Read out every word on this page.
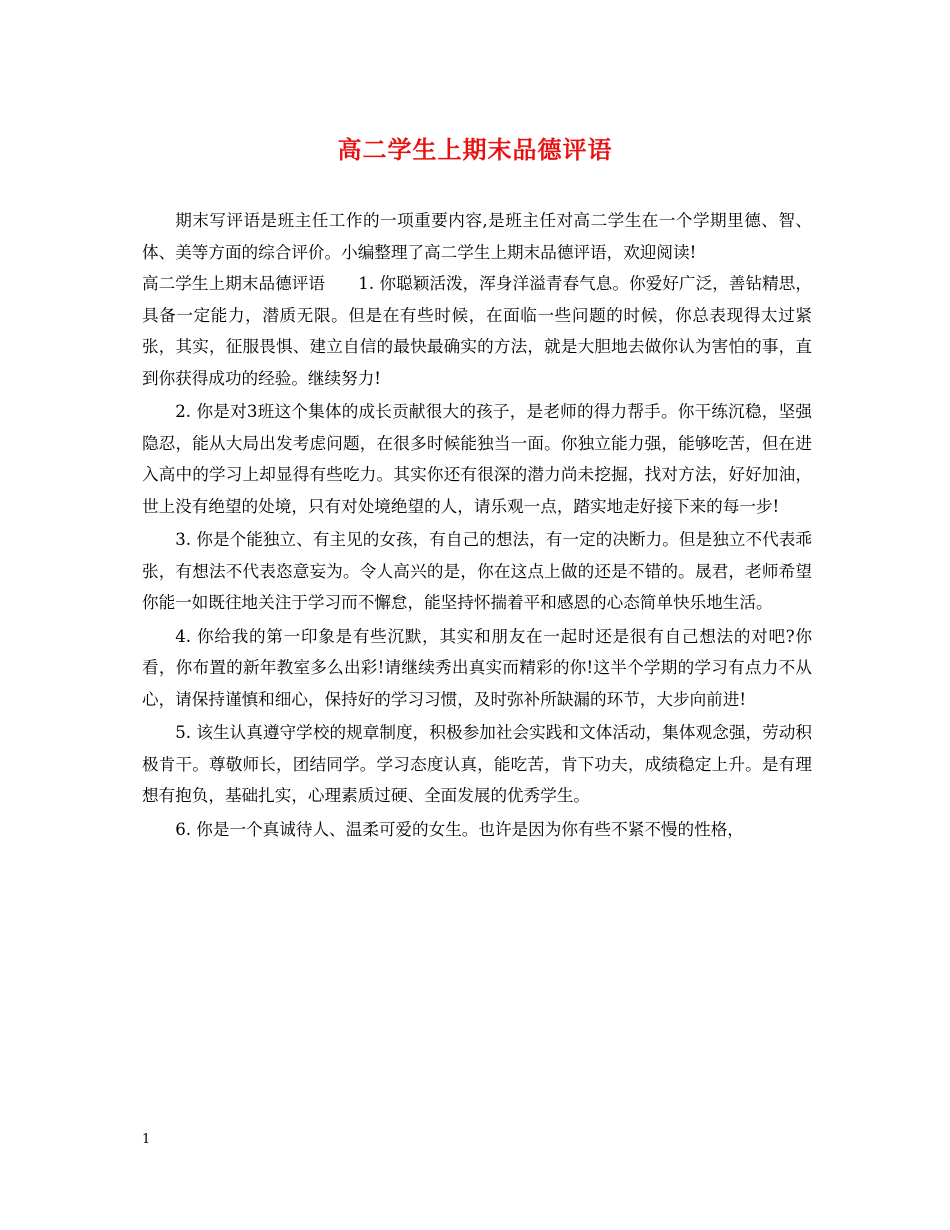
高二学生上期末品德评语

期末写评语是班主任工作的一项重要内容,是班主任对高二学生在一个学期里德、智、体、美等方面的综合评价。小编整理了高二学生上期末品德评语，欢迎阅读!

高二学生上期末品德评语　　1. 你聪颖活泼，浑身洋溢青春气息。你爱好广泛，善钻精思，具备一定能力，潜质无限。但是在有些时候，在面临一些问题的时候，你总表现得太过紧张，其实，征服畏惧、建立自信的最快最确实的方法，就是大胆地去做你认为害怕的事，直到你获得成功的经验。继续努力!

2. 你是对3班这个集体的成长贡献很大的孩子，是老师的得力帮手。你干练沉稳，坚强隐忍，能从大局出发考虑问题，在很多时候能独当一面。你独立能力强，能够吃苦，但在进入高中的学习上却显得有些吃力。其实你还有很深的潜力尚未挖掘，找对方法，好好加油，世上没有绝望的处境，只有对处境绝望的人，请乐观一点，踏实地走好接下来的每一步!

3. 你是个能独立、有主见的女孩，有自己的想法，有一定的决断力。但是独立不代表乖张，有想法不代表恣意妄为。令人高兴的是，你在这点上做的还是不错的。晟君，老师希望你能一如既往地关注于学习而不懈怠，能坚持怀揣着平和感恩的心态简单快乐地生活。

4. 你给我的第一印象是有些沉默，其实和朋友在一起时还是很有自己想法的对吧?你看，你布置的新年教室多么出彩!请继续秀出真实而精彩的你!这半个学期的学习有点力不从心，请保持谨慎和细心，保持好的学习习惯，及时弥补所缺漏的环节，大步向前进!

5. 该生认真遵守学校的规章制度，积极参加社会实践和文体活动，集体观念强，劳动积极肯干。尊敬师长，团结同学。学习态度认真，能吃苦，肯下功夫，成绩稳定上升。是有理想有抱负，基础扎实，心理素质过硬、全面发展的优秀学生。

6. 你是一个真诚待人、温柔可爱的女生。也许是因为你有些不紧不慢的性格，

1
